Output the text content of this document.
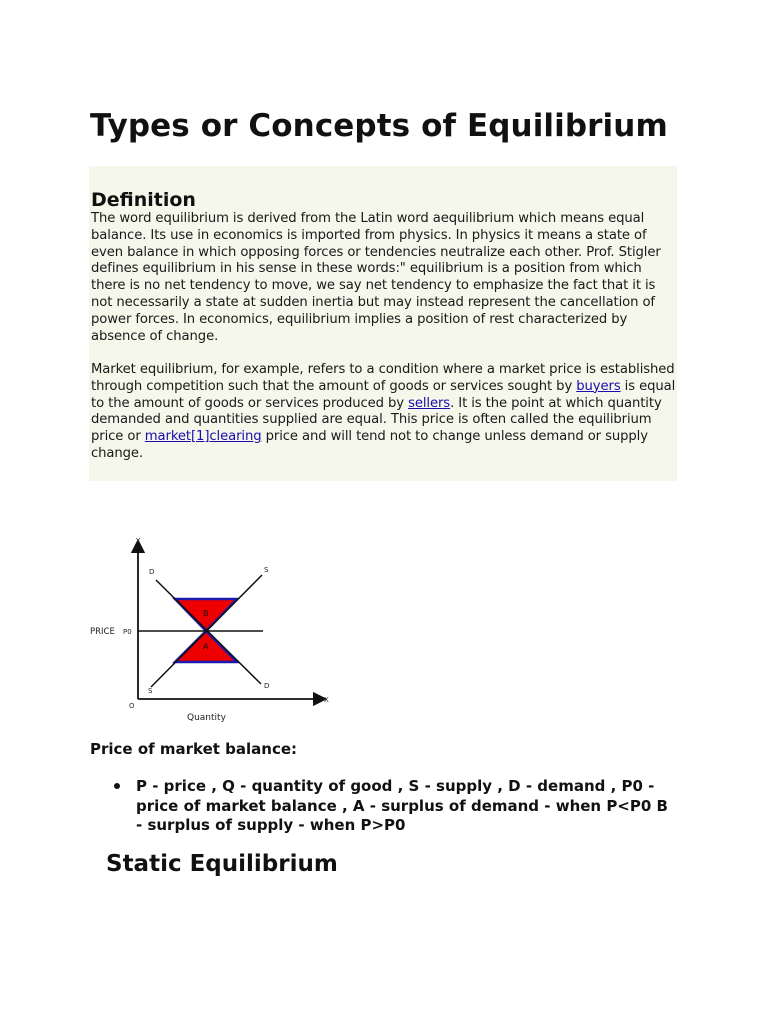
Types or Concepts of Equilibrium
Definition
The word equilibrium is derived from the Latin word aequilibrium which means equal balance. Its use in economics is imported from physics. In physics it means a state of even balance in which opposing forces or tendencies neutralize each other. Prof. Stigler defines equilibrium in his sense in these words:" equilibrium is a position from which there is no net tendency to move, we say net tendency to emphasize the fact that it is not necessarily a state at sudden inertia but may instead represent the cancellation of power forces. In economics, equilibrium implies a position of rest characterized by absence of change.
Market equilibrium, for example, refers to a condition where a market price is established through competition such that the amount of goods or services sought by buyers is equal to the amount of goods or services produced by sellers. It is the point at which quantity demanded and quantities supplied are equal. This price is often called the equilibrium price or market[1]clearing price and will tend not to change unless demand or supply change.
Y
X
O
Quantity
PRICE P0
D
D
S
S
B
A
Price of market balance:
P - price , Q - quantity of good , S - supply , D - demand , P0 - price of market balance , A - surplus of demand - when P<P0 B - surplus of supply - when P>P0
Static Equilibrium
